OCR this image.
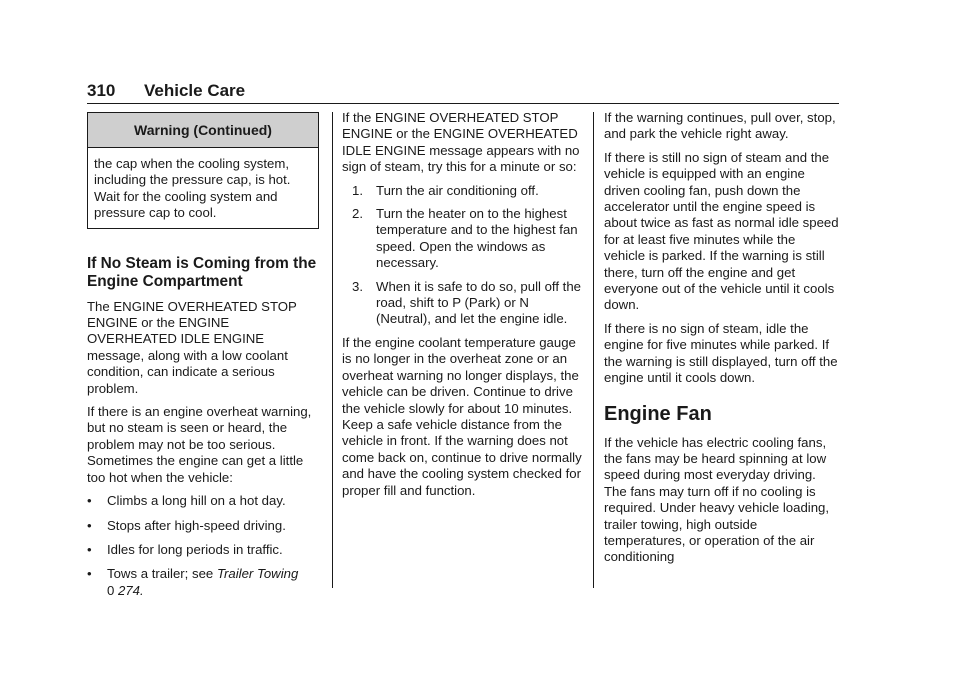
310 Vehicle Care
Warning (Continued)
the cap when the cooling system, including the pressure cap, is hot. Wait for the cooling system and pressure cap to cool.
If No Steam is Coming from the Engine Compartment

The ENGINE OVERHEATED STOP ENGINE or the ENGINE OVERHEATED IDLE ENGINE message, along with a low coolant condition, can indicate a serious problem.

If there is an engine overheat warning, but no steam is seen or heard, the problem may not be too serious. Sometimes the engine can get a little too hot when the vehicle:

• Climbs a long hill on a hot day.
• Stops after high-speed driving.
• Idles for long periods in traffic.
• Tows a trailer; see Trailer Towing
0 274.

If the ENGINE OVERHEATED STOP ENGINE or the ENGINE OVERHEATED IDLE ENGINE message appears with no sign of steam, try this for a minute or so:

1. Turn the air conditioning off.
2. Turn the heater on to the highest temperature and to the highest fan speed. Open the windows as necessary.
3. When it is safe to do so, pull off the road, shift to P (Park) or N (Neutral), and let the engine idle.

If the engine coolant temperature gauge is no longer in the overheat zone or an overheat warning no longer displays, the vehicle can be driven. Continue to drive the vehicle slowly for about 10 minutes. Keep a safe vehicle distance from the vehicle in front. If the warning does not come back on, continue to drive normally and have the cooling system checked for proper fill and function.

If the warning continues, pull over, stop, and park the vehicle right away.

If there is still no sign of steam and the vehicle is equipped with an engine driven cooling fan, push down the accelerator until the engine speed is about twice as fast as normal idle speed for at least five minutes while the vehicle is parked. If the warning is still there, turn off the engine and get everyone out of the vehicle until it cools down.

If there is no sign of steam, idle the engine for five minutes while parked. If the warning is still displayed, turn off the engine until it cools down.

Engine Fan

If the vehicle has electric cooling fans, the fans may be heard spinning at low speed during most everyday driving. The fans may turn off if no cooling is required. Under heavy vehicle loading, trailer towing, high outside temperatures, or operation of the air conditioning
